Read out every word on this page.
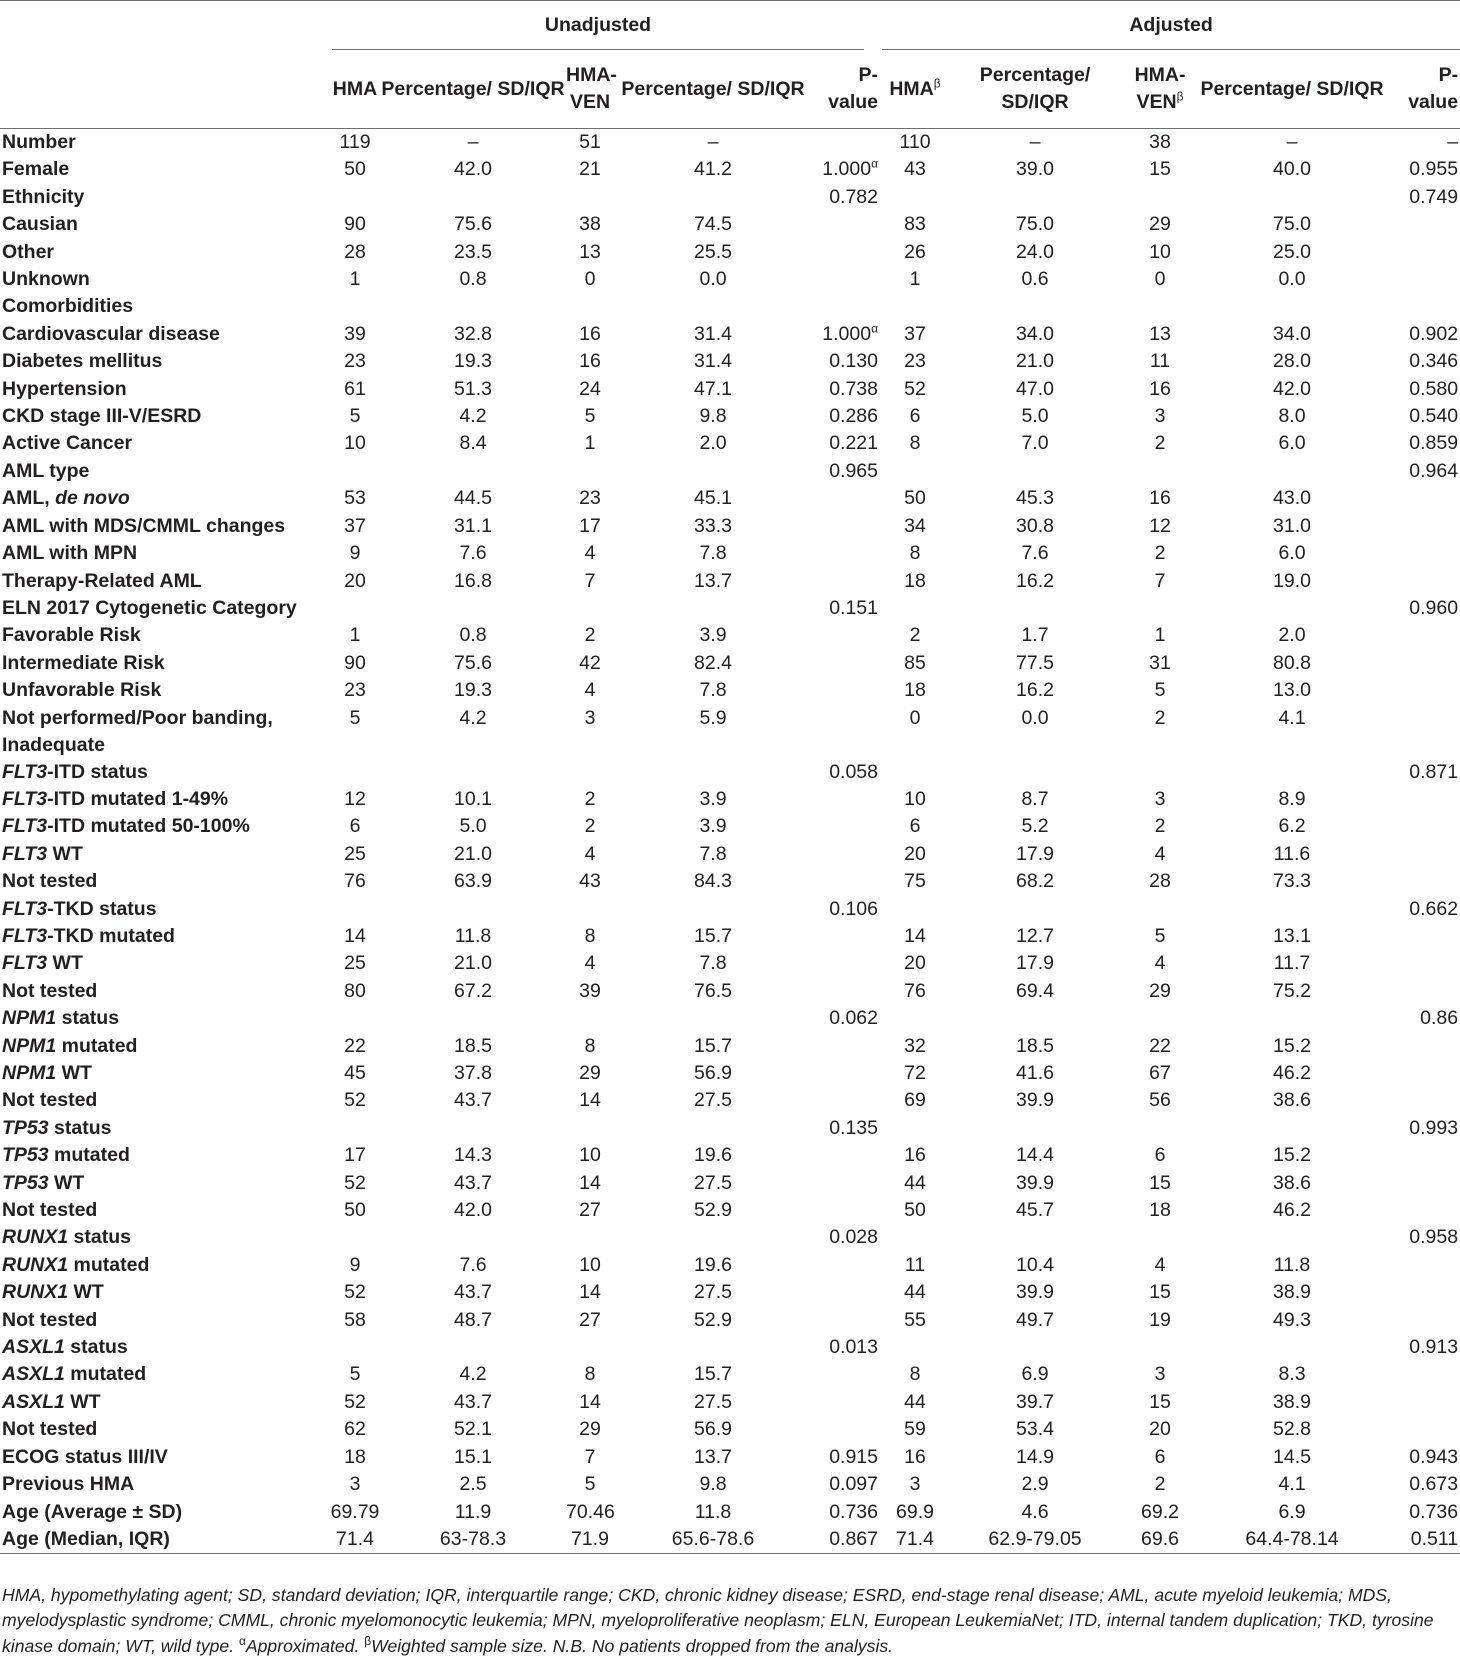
	Unadjusted					Adjusted				

	HMA	Percentage/ SD/IQR	HMA- VEN	Percentage/ SD/IQR	P- value	$HMA^\beta$	Percentage/ SD/IQR	HMA- $VEN^\beta$	Percentage/ SD/IQR	P- value
Number	119	–	51	–		110	–	38	–	–
Female	50	42.0	21	41.2	$1.000^\alpha$	43	39.0	15	40.0	0.955
Ethnicity					0.782					0.749
Causian	90	75.6	38	74.5		83	75.0	29	75.0	
Other	28	23.5	13	25.5		26	24.0	10	25.0	
Unknown	1	0.8	0	0.0		1	0.6	0	0.0	
Comorbidities										
Cardiovascular disease	39	32.8	16	31.4	$1.000^\alpha$	37	34.0	13	34.0	0.902
Diabetes mellitus	23	19.3	16	31.4	0.130	23	21.0	11	28.0	0.346
Hypertension	61	51.3	24	47.1	0.738	52	47.0	16	42.0	0.580
CKD stage III-V/ESRD	5	4.2	5	9.8	0.286	6	5.0	3	8.0	0.540
Active Cancer	10	8.4	1	2.0	0.221	8	7.0	2	6.0	0.859
AML type					0.965					0.964
AML, de novo	53	44.5	23	45.1		50	45.3	16	43.0	
AML with MDS/CMML changes	37	31.1	17	33.3		34	30.8	12	31.0	
AML with MPN	9	7.6	4	7.8		8	7.6	2	6.0	
Therapy-Related AML	20	16.8	7	13.7		18	16.2	7	19.0	
ELN 2017 Cytogenetic Category					0.151					0.960
Favorable Risk	1	0.8	2	3.9		2	1.7	1	2.0	
Intermediate Risk	90	75.6	42	82.4		85	77.5	31	80.8	
Unfavorable Risk	23	19.3	4	7.8		18	16.2	5	13.0	
Not performed/Poor banding, Inadequate	5	4.2	3	5.9		0	0.0	2	4.1	
FLT3-ITD status					0.058					0.871
FLT3-ITD mutated 1-49%	12	10.1	2	3.9		10	8.7	3	8.9	
FLT3-ITD mutated 50-100%	6	5.0	2	3.9		6	5.2	2	6.2	
FLT3 WT	25	21.0	4	7.8		20	17.9	4	11.6	
Not tested	76	63.9	43	84.3		75	68.2	28	73.3	
FLT3-TKD status					0.106					0.662
FLT3-TKD mutated	14	11.8	8	15.7		14	12.7	5	13.1	
FLT3 WT	25	21.0	4	7.8		20	17.9	4	11.7	
Not tested	80	67.2	39	76.5		76	69.4	29	75.2	
NPM1 status					0.062					0.86
NPM1 mutated	22	18.5	8	15.7		32	18.5	22	15.2	
NPM1 WT	45	37.8	29	56.9		72	41.6	67	46.2	
Not tested	52	43.7	14	27.5		69	39.9	56	38.6	
TP53 status					0.135					0.993
TP53 mutated	17	14.3	10	19.6		16	14.4	6	15.2	
TP53 WT	52	43.7	14	27.5		44	39.9	15	38.6	
Not tested	50	42.0	27	52.9		50	45.7	18	46.2	
RUNX1 status					0.028					0.958
RUNX1 mutated	9	7.6	10	19.6		11	10.4	4	11.8	
RUNX1 WT	52	43.7	14	27.5		44	39.9	15	38.9	
Not tested	58	48.7	27	52.9		55	49.7	19	49.3	
ASXL1 status					0.013					0.913
ASXL1 mutated	5	4.2	8	15.7		8	6.9	3	8.3	
ASXL1 WT	52	43.7	14	27.5		44	39.7	15	38.9	
Not tested	62	52.1	29	56.9		59	53.4	20	52.8	
ECOG status III/IV	18	15.1	7	13.7	0.915	16	14.9	6	14.5	0.943
Previous HMA	3	2.5	5	9.8	0.097	3	2.9	2	4.1	0.673
Age (Average ± SD)	69.79	11.9	70.46	11.8	0.736	69.9	4.6	69.2	6.9	0.736
Age (Median, IQR)	71.4	63-78.3	71.9	65.6-78.6	0.867	71.4	62.9-79.05	69.6	64.4-78.14	0.511
HMA, hypomethylating agent; SD, standard deviation; IQR, interquartile range; CKD, chronic kidney disease; ESRD, end-stage renal disease; AML, acute myeloid leukemia; MDS, myelodysplastic syndrome; CMML, chronic myelomonocytic leukemia; MPN, myeloproliferative neoplasm; ELN, European LeukemiaNet; ITD, internal tandem duplication; TKD, tyrosine kinase domain; WT, wild type. $^\alpha$Approximated. $^\beta$Weighted sample size. N.B. No patients dropped from the analysis.
